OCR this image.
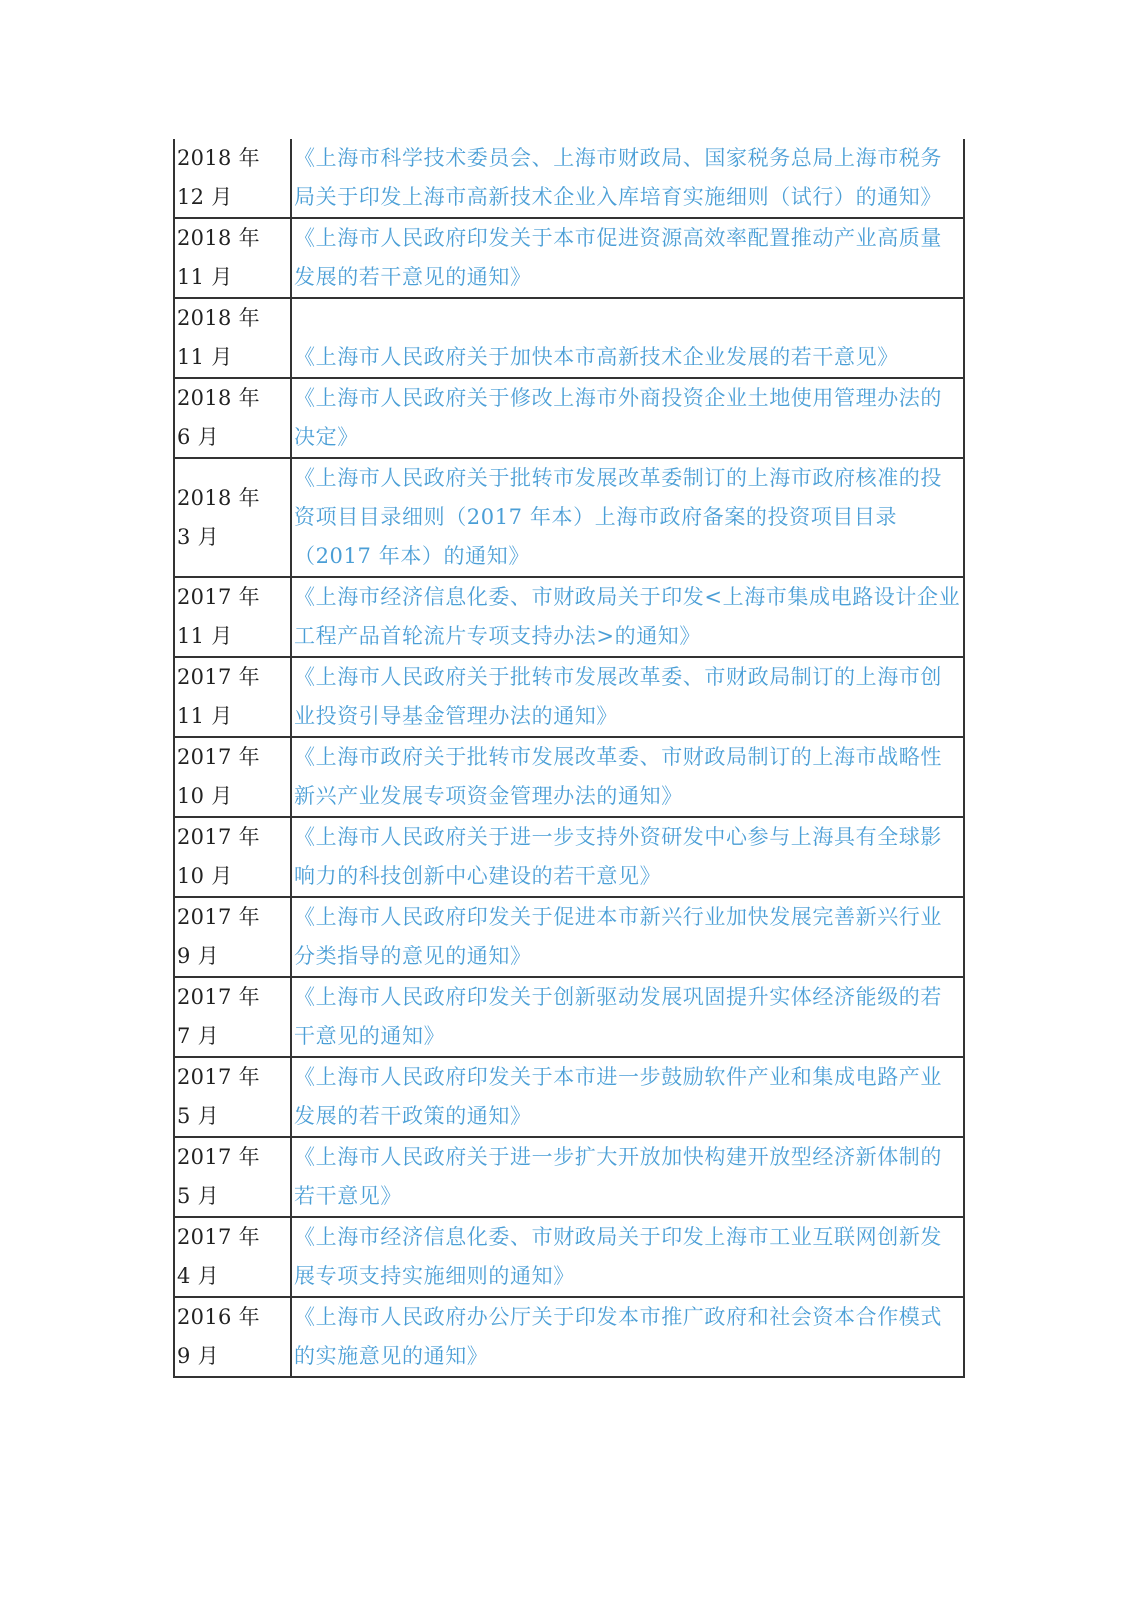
2018 年 12 月	《上海市科学技术委员会、上海市财政局、国家税务总局上海市税务局关于印发上海市高新技术企业入库培育实施细则（试行）的通知》

2018 年 11 月	《上海市人民政府印发关于本市促进资源高效率配置推动产业高质量发展的若干意见的通知》

2018 年 11 月	《上海市人民政府关于加快本市高新技术企业发展的若干意见》

2018 年 6 月	《上海市人民政府关于修改上海市外商投资企业土地使用管理办法的决定》

2018 年 3 月	《上海市人民政府关于批转市发展改革委制订的上海市政府核准的投资项目目录细则（2017 年本）上海市政府备案的投资项目目录（2017 年本）的通知》

2017 年 11 月	《上海市经济信息化委、市财政局关于印发<上海市集成电路设计企业工程产品首轮流片专项支持办法>的通知》

2017 年 11 月	《上海市人民政府关于批转市发展改革委、市财政局制订的上海市创业投资引导基金管理办法的通知》

2017 年 10 月	《上海市政府关于批转市发展改革委、市财政局制订的上海市战略性新兴产业发展专项资金管理办法的通知》

2017 年 10 月	《上海市人民政府关于进一步支持外资研发中心参与上海具有全球影响力的科技创新中心建设的若干意见》

2017 年 9 月	《上海市人民政府印发关于促进本市新兴行业加快发展完善新兴行业分类指导的意见的通知》

2017 年 7 月	《上海市人民政府印发关于创新驱动发展巩固提升实体经济能级的若干意见的通知》

2017 年 5 月	《上海市人民政府印发关于本市进一步鼓励软件产业和集成电路产业发展的若干政策的通知》

2017 年 5 月	《上海市人民政府关于进一步扩大开放加快构建开放型经济新体制的若干意见》

2017 年 4 月	《上海市经济信息化委、市财政局关于印发上海市工业互联网创新发展专项支持实施细则的通知》

2016 年 9 月	《上海市人民政府办公厅关于印发本市推广政府和社会资本合作模式的实施意见的通知》
